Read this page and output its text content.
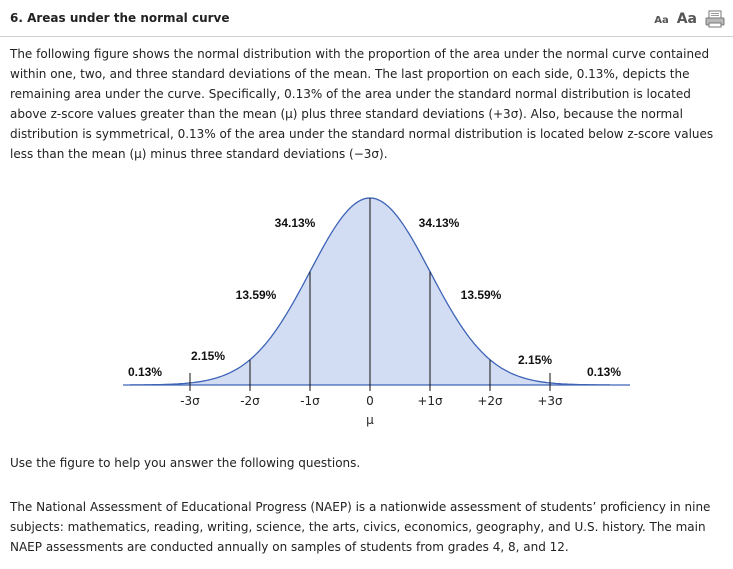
6. Areas under the normal curve	Aa Aa

The following figure shows the normal distribution with the proportion of the area under the normal curve contained within one, two, and three standard deviations of the mean. The last proportion on each side, 0.13%, depicts the remaining area under the curve. Specifically, 0.13% of the area under the standard normal distribution is located above z-score values greater than the mean (μ) plus three standard deviations (+3σ). Also, because the normal distribution is symmetrical, 0.13% of the area under the standard normal distribution is located below z-score values less than the mean (μ) minus three standard deviations (−3σ).

-3σ	-2σ	-1σ	0	+1σ	+2σ	+3σ
μ
0.13%
2.15%
13.59%
34.13%	34.13%
13.59%
2.15%
0.13%

Use the figure to help you answer the following questions.

The National Assessment of Educational Progress (NAEP) is a nationwide assessment of students’ proficiency in nine subjects: mathematics, reading, writing, science, the arts, civics, economics, geography, and U.S. history. The main NAEP assessments are conducted annually on samples of students from grades 4, 8, and 12.
